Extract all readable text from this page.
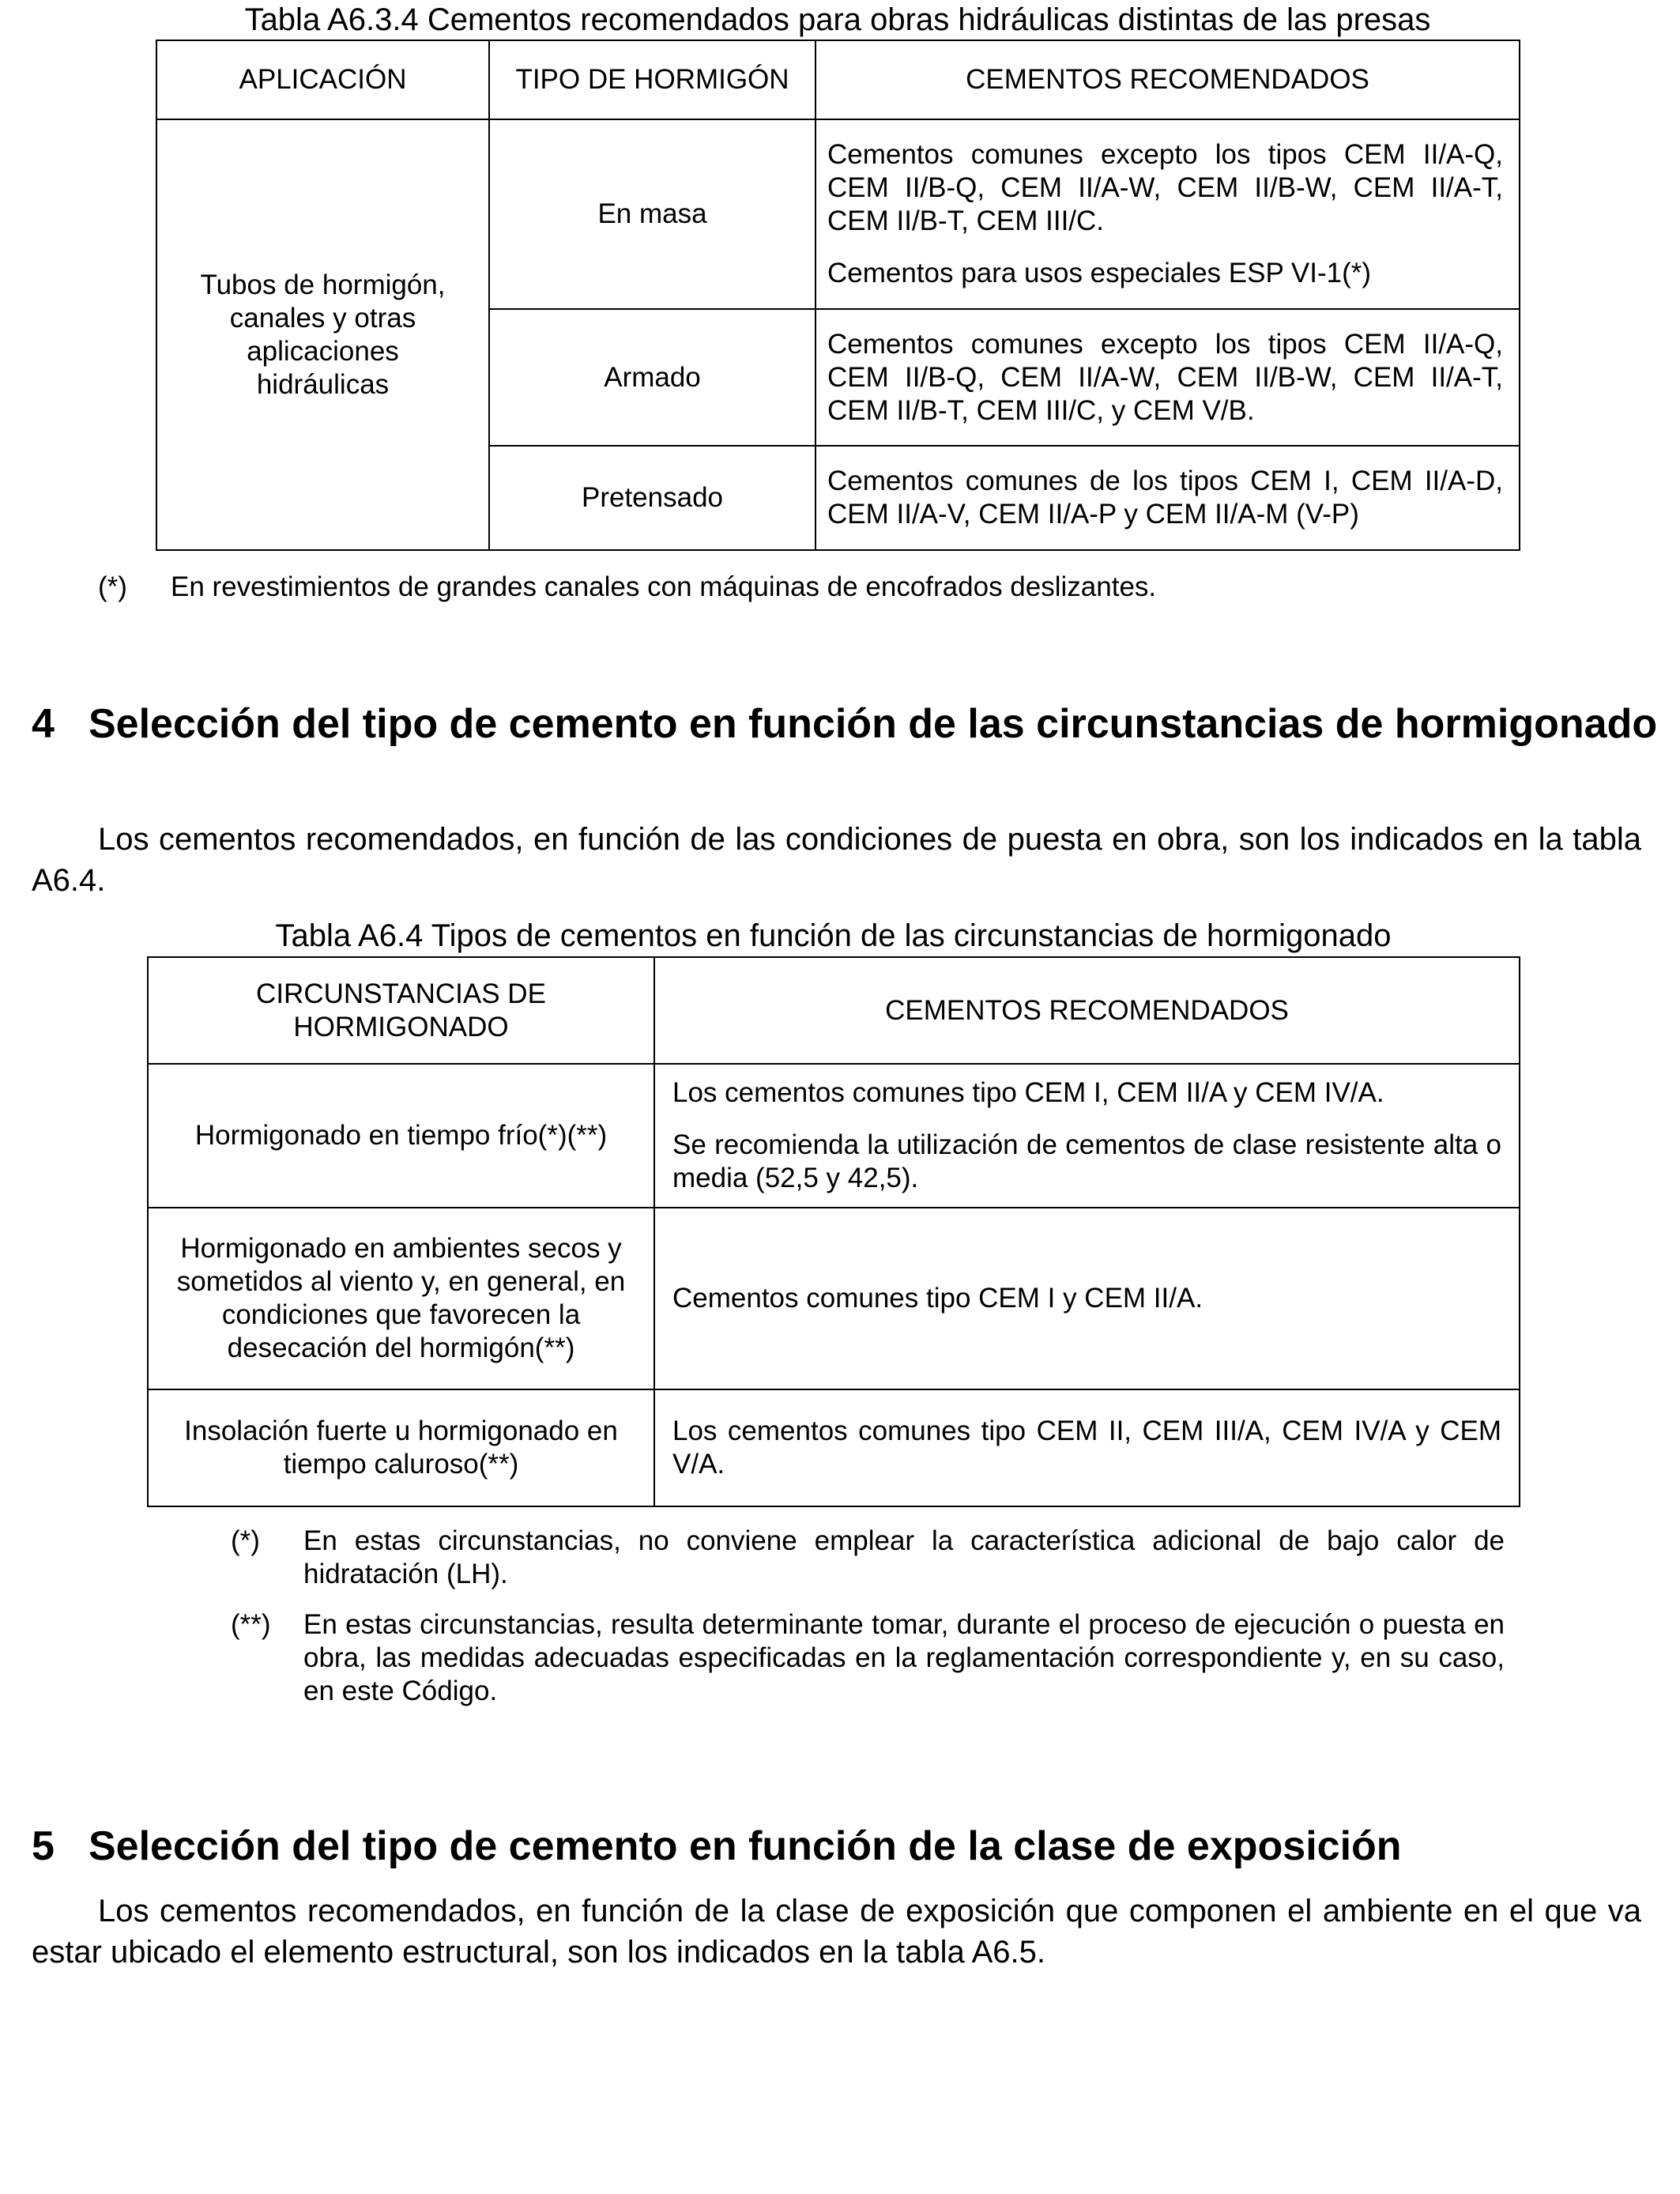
Tabla A6.3.4 Cementos recomendados para obras hidráulicas distintas de las presas
APLICACIÓN	TIPO DE HORMIGÓN	CEMENTOS RECOMENDADOS
Tubos de hormigón, canales y otras aplicaciones hidráulicas	En masa	Cementos comunes excepto los tipos CEM II/A-Q, CEM II/B-Q, CEM II/A-W, CEM II/B-W, CEM II/A-T, CEM II/B-T, CEM III/C.

Cementos para usos especiales ESP VI-1(*)

	Armado	Cementos comunes excepto los tipos CEM II/A-Q, CEM II/B-Q, CEM II/A-W, CEM II/B-W, CEM II/A-T, CEM II/B-T, CEM III/C, y CEM V/B.

	Pretensado	Cementos comunes de los tipos CEM I, CEM II/A-D, CEM II/A-V, CEM II/A-P y CEM II/A-M (V-P)

(*) En revestimientos de grandes canales con máquinas de encofrados deslizantes.
4 Selección del tipo de cemento en función de las circunstancias de hormigonado
Los cementos recomendados, en función de las condiciones de puesta en obra, son los indicados en la tabla A6.4.
Tabla A6.4 Tipos de cementos en función de las circunstancias de hormigonado
CIRCUNSTANCIAS DE HORMIGONADO	CEMENTOS RECOMENDADOS
Hormigonado en tiempo frío(*)(**)	Los cementos comunes tipo CEM I, CEM II/A y CEM IV/A.

Se recomienda la utilización de cementos de clase resistente alta o media (52,5 y 42,5).

Hormigonado en ambientes secos y sometidos al viento y, en general, en condiciones que favorecen la desecación del hormigón(**)	Cementos comunes tipo CEM I y CEM II/A.

Insolación fuerte u hormigonado en tiempo caluroso(**)	Los cementos comunes tipo CEM II, CEM III/A, CEM IV/A y CEM V/A.

(*) En estas circunstancias, no conviene emplear la característica adicional de bajo calor de hidratación (LH).
(**) En estas circunstancias, resulta determinante tomar, durante el proceso de ejecución o puesta en obra, las medidas adecuadas especificadas en la reglamentación correspondiente y, en su caso, en este Código.
5 Selección del tipo de cemento en función de la clase de exposición
Los cementos recomendados, en función de la clase de exposición que componen el ambiente en el que va estar ubicado el elemento estructural, son los indicados en la tabla A6.5.
